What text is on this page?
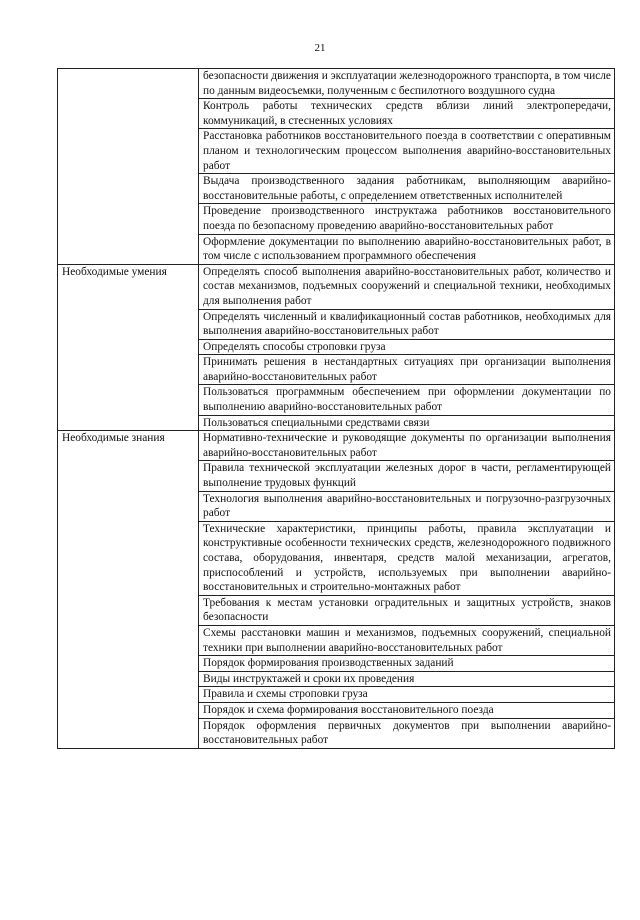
21
	безопасности движения и эксплуатации железнодорожного транспорта, в том числе по данным видеосъемки, полученным с беспилотного воздушного судна
	Контроль работы технических средств вблизи линий электропередачи, коммуникаций, в стесненных условиях
	Расстановка работников восстановительного поезда в соответствии с оперативным планом и технологическим процессом выполнения аварийно-восстановительных работ
	Выдача производственного задания работникам, выполняющим аварийно-восстановительные работы, с определением ответственных исполнителей
	Проведение производственного инструктажа работников восстановительного поезда по безопасному проведению аварийно-восстановительных работ
	Оформление документации по выполнению аварийно-восстановительных работ, в том числе с использованием программного обеспечения
Необходимые умения	Определять способ выполнения аварийно-восстановительных работ, количество и состав механизмов, подъемных сооружений и специальной техники, необходимых для выполнения работ
	Определять численный и квалификационный состав работников, необходимых для выполнения аварийно-восстановительных работ
	Определять способы строповки груза
	Принимать решения в нестандартных ситуациях при организации выполнения аварийно-восстановительных работ
	Пользоваться программным обеспечением при оформлении документации по выполнению аварийно-восстановительных работ
	Пользоваться специальными средствами связи
Необходимые знания	Нормативно-технические и руководящие документы по организации выполнения аварийно-восстановительных работ
	Правила технической эксплуатации железных дорог в части, регламентирующей выполнение трудовых функций
	Технология выполнения аварийно-восстановительных и погрузочно-разгрузочных работ
	Технические характеристики, принципы работы, правила эксплуатации и конструктивные особенности технических средств, железнодорожного подвижного состава, оборудования, инвентаря, средств малой механизации, агрегатов, приспособлений и устройств, используемых при выполнении аварийно-восстановительных и строительно-монтажных работ
	Требования к местам установки оградительных и защитных устройств, знаков безопасности
	Схемы расстановки машин и механизмов, подъемных сооружений, специальной техники при выполнении аварийно-восстановительных работ
	Порядок формирования производственных заданий
	Виды инструктажей и сроки их проведения
	Правила и схемы строповки груза
	Порядок и схема формирования восстановительного поезда
	Порядок оформления первичных документов при выполнении аварийно-восстановительных работ
